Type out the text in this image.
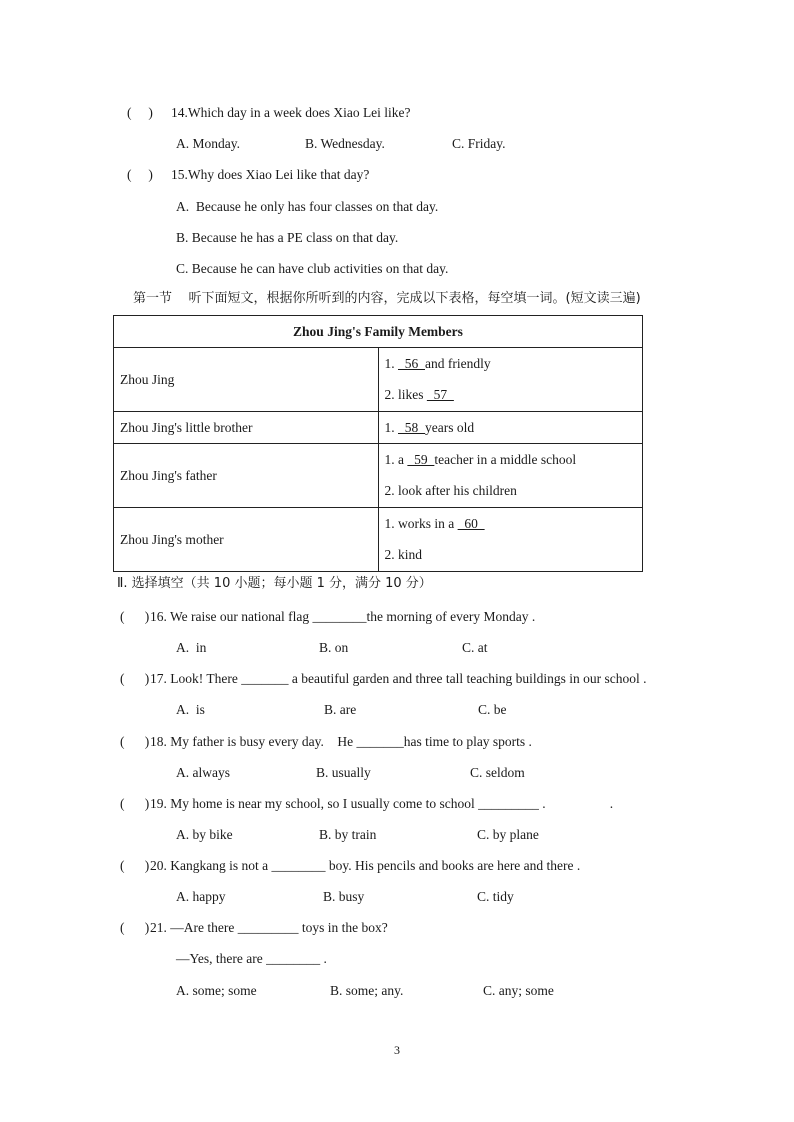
(     ) 14.Which day in a week does Xiao Lei like?
A. Monday.	B. Wednesday.	C. Friday.
(     ) 15.Why does Xiao Lei like that day?
A.  Because he only has four classes on that day.
B. Because he has a PE class on that day.
C. Because he can have club activities on that day.
第一节    听下面短文，根据你所听到的内容，完成以下表格，每空填一词。(短文读三遍)
Zhou Jing's Family Members	
Zhou Jing	1.   56  and friendly
2. likes   57

Zhou Jing's little brother	1.   58  years old

Zhou Jing's father	1. a   59  teacher in a middle school
2. look after his children

Zhou Jing's mother	1. works in a   60
2. kind
Ⅱ. 选择填空（共 10 小题；每小题 1 分，满分 10 分）
(      ) 16. We raise our national flag ________the morning of every Monday .
A.  in	B. on	C. at
(      ) 17. Look! There _______ a beautiful garden and three tall teaching buildings in our school .
A.  is	B. are	C. be
(      ) 18. My father is busy every day.    He _______has time to play sports .
A. always	B. usually	C. seldom
(      ) 19. My home is near my school, so I usually come to school _________ .                   .
A. by bike	B. by train	C. by plane
(      ) 20. Kangkang is not a ________ boy. His pencils and books are here and there .
A. happy	B. busy	C. tidy
(      ) 21. —Are there _________ toys in the box?
—Yes, there are ________ .
A. some; some	B. some; any.	C. any; some
3
